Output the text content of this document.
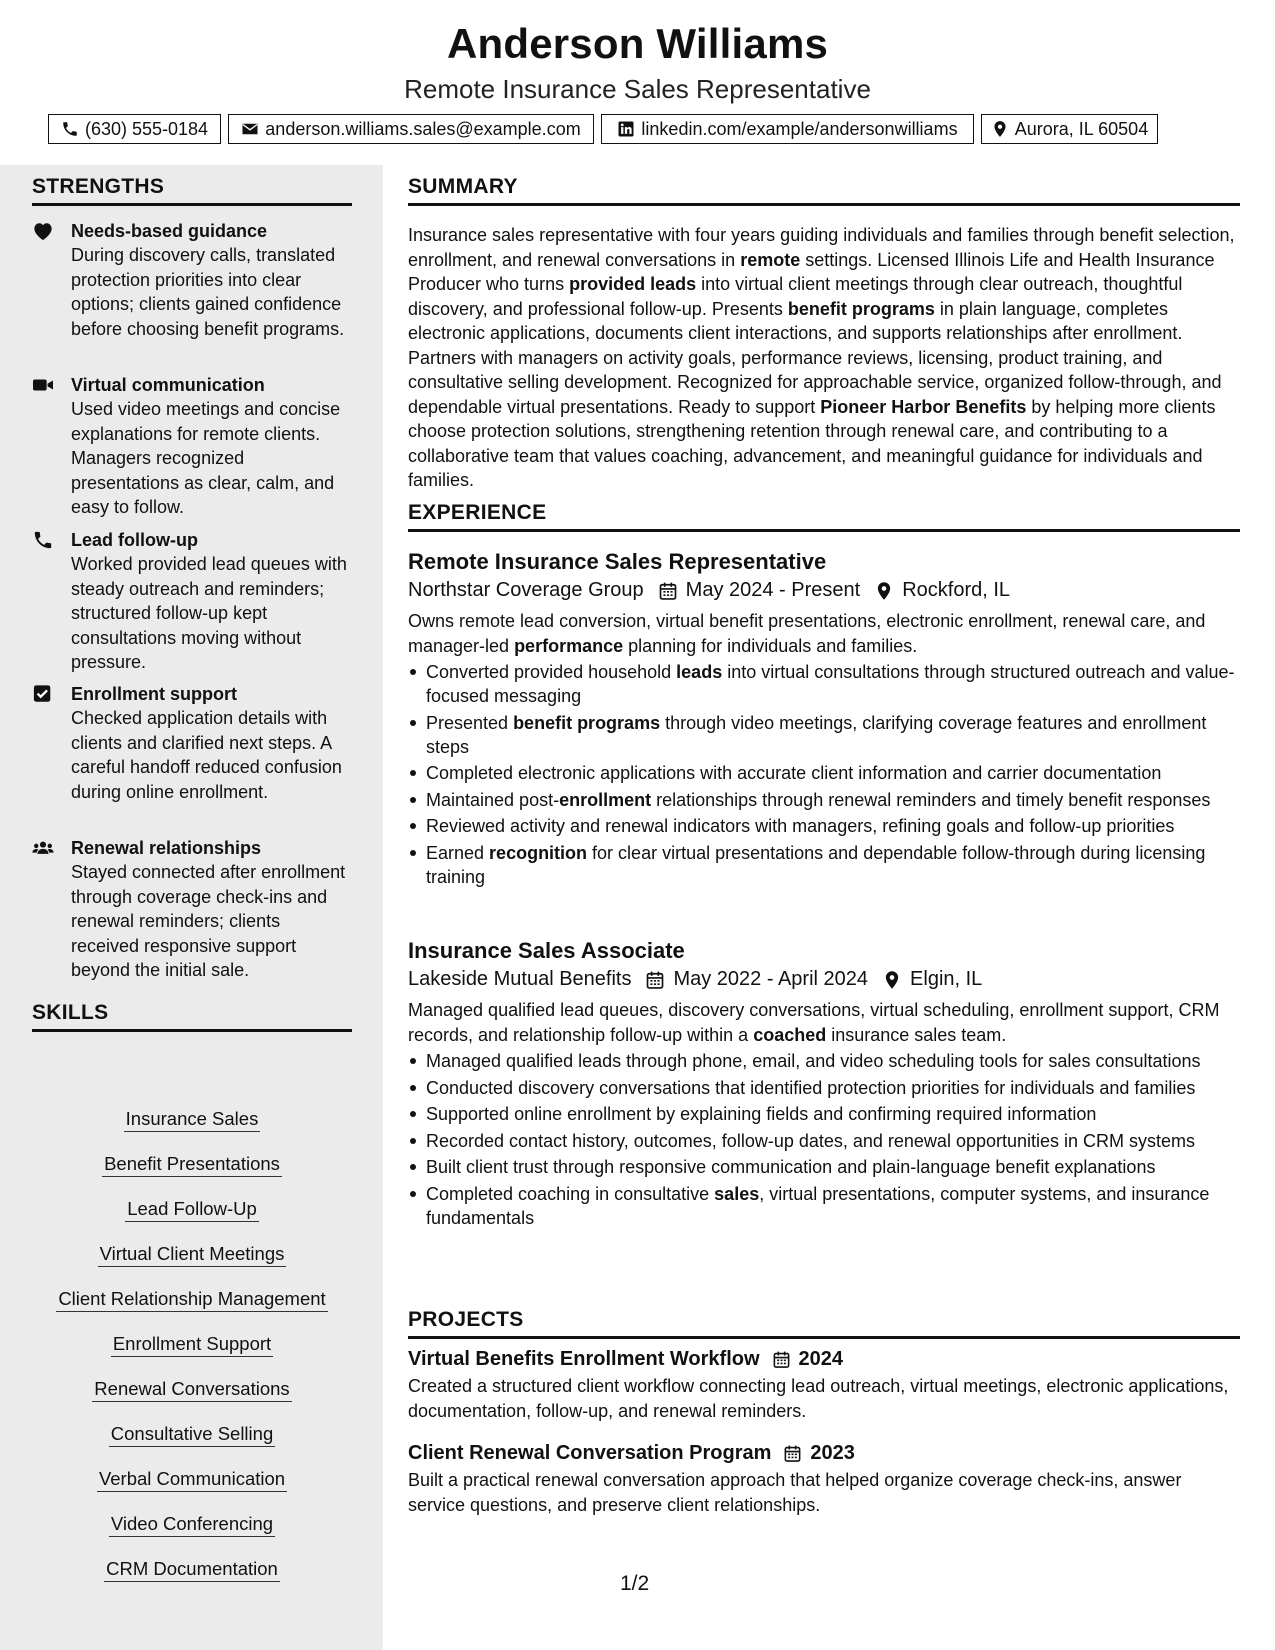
Anderson Williams
Remote Insurance Sales Representative
(630) 555-0184	anderson.williams.sales@example.com	linkedin.com/example/andersonwilliams	Aurora, IL 60504
STRENGTHS
Needs-based guidance
During discovery calls, translated protection priorities into clear options; clients gained confidence before choosing benefit programs.
Virtual communication
Used video meetings and concise explanations for remote clients. Managers recognized presentations as clear, calm, and easy to follow.
Lead follow-up
Worked provided lead queues with steady outreach and reminders; structured follow-up kept consultations moving without pressure.
Enrollment support
Checked application details with clients and clarified next steps. A careful handoff reduced confusion during online enrollment.
Renewal relationships
Stayed connected after enrollment through coverage check-ins and renewal reminders; clients received responsive support beyond the initial sale.
SKILLS
Insurance Sales
Benefit Presentations
Lead Follow-Up
Virtual Client Meetings
Client Relationship Management
Enrollment Support
Renewal Conversations
Consultative Selling
Verbal Communication
Video Conferencing
CRM Documentation
SUMMARY
Insurance sales representative with four years guiding individuals and families through benefit selection, enrollment, and renewal conversations in remote settings. Licensed Illinois Life and Health Insurance Producer who turns provided leads into virtual client meetings through clear outreach, thoughtful discovery, and professional follow-up. Presents benefit programs in plain language, completes electronic applications, documents client interactions, and supports relationships after enrollment. Partners with managers on activity goals, performance reviews, licensing, product training, and consultative selling development. Recognized for approachable service, organized follow-through, and dependable virtual presentations. Ready to support Pioneer Harbor Benefits by helping more clients choose protection solutions, strengthening retention through renewal care, and contributing to a collaborative team that values coaching, advancement, and meaningful guidance for individuals and families.
EXPERIENCE
Remote Insurance Sales Representative
Northstar Coverage Group May 2024 - Present Rockford, IL
Owns remote lead conversion, virtual benefit presentations, electronic enrollment, renewal care, and manager-led performance planning for individuals and families.
Converted provided household leads into virtual consultations through structured outreach and value-focused messaging
Presented benefit programs through video meetings, clarifying coverage features and enrollment steps
Completed electronic applications with accurate client information and carrier documentation
Maintained post-enrollment relationships through renewal reminders and timely benefit responses
Reviewed activity and renewal indicators with managers, refining goals and follow-up priorities
Earned recognition for clear virtual presentations and dependable follow-through during licensing training
Insurance Sales Associate
Lakeside Mutual Benefits May 2022 - April 2024 Elgin, IL
Managed qualified lead queues, discovery conversations, virtual scheduling, enrollment support, CRM records, and relationship follow-up within a coached insurance sales team.
Managed qualified leads through phone, email, and video scheduling tools for sales consultations
Conducted discovery conversations that identified protection priorities for individuals and families
Supported online enrollment by explaining fields and confirming required information
Recorded contact history, outcomes, follow-up dates, and renewal opportunities in CRM systems
Built client trust through responsive communication and plain-language benefit explanations
Completed coaching in consultative sales, virtual presentations, computer systems, and insurance fundamentals
PROJECTS
Virtual Benefits Enrollment Workflow 2024
Created a structured client workflow connecting lead outreach, virtual meetings, electronic applications, documentation, follow-up, and renewal reminders.
Client Renewal Conversation Program 2023
Built a practical renewal conversation approach that helped organize coverage check-ins, answer service questions, and preserve client relationships.
1/2
